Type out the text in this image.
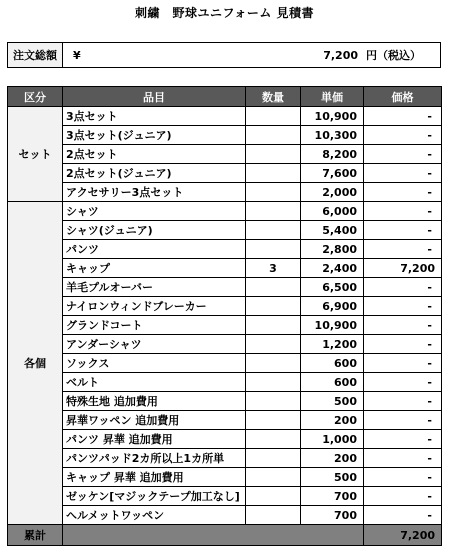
刺繍　野球ユニフォーム 見積書
注文総額	¥	7,200 円（税込）
区分	品目	数量	単価	価格
セット	3点セット		10,900	-
	3点セット(ジュニア)		10,300	-
	2点セット		8,200	-
	2点セット(ジュニア)		7,600	-
	アクセサリー3点セット		2,000	-
各個	シャツ		6,000	-
	シャツ(ジュニア)		5,400	-
	パンツ		2,800	-
	キャップ	3	2,400	7,200
	羊毛プルオーバー		6,500	-
	ナイロンウィンドブレーカー		6,900	-
	グランドコート		10,900	-
	アンダーシャツ		1,200	-
	ソックス		600	-
	ベルト		600	-
	特殊生地 追加費用		500	-
	昇華ワッペン 追加費用		200	-
	パンツ 昇華 追加費用		1,000	-
	パンツパッド2カ所以上1カ所単		200	-
	キャップ 昇華 追加費用		500	-
	ゼッケン[マジックテープ加工なし]		700	-
	ヘルメットワッペン		700	-
累計				7,200
